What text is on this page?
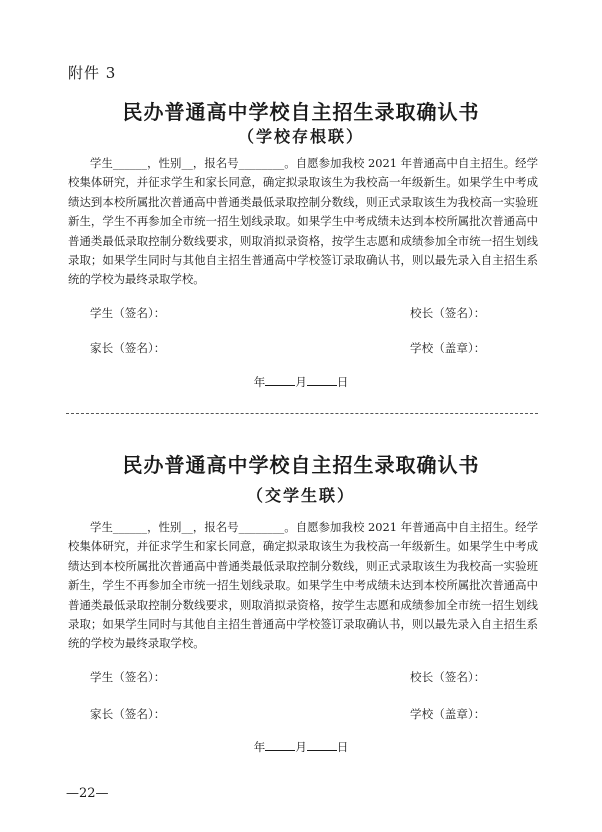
附件 3
民办普通高中学校自主招生录取确认书
（学校存根联）

学生______，性别__，报名号________。自愿参加我校 2021 年普通高中自主招生。经学校集体研究，并征求学生和家长同意，确定拟录取该生为我校高一年级新生。如果学生中考成绩达到本校所属批次普通高中普通类最低录取控制分数线，则正式录取该生为我校高一实验班新生，学生不再参加全市统一招生划线录取。如果学生中考成绩未达到本校所属批次普通高中普通类最低录取控制分数线要求，则取消拟录资格，按学生志愿和成绩参加全市统一招生划线录取；如果学生同时与其他自主招生普通高中学校签订录取确认书，则以最先录入自主招生系统的学校为最终录取学校。

学生（签名）：	校长（签名）：
家长（签名）：	学校（盖章）：
年	月	日
民办普通高中学校自主招生录取确认书
（交学生联）

学生______，性别__，报名号________。自愿参加我校 2021 年普通高中自主招生。经学校集体研究，并征求学生和家长同意，确定拟录取该生为我校高一年级新生。如果学生中考成绩达到本校所属批次普通高中普通类最低录取控制分数线，则正式录取该生为我校高一实验班新生，学生不再参加全市统一招生划线录取。如果学生中考成绩未达到本校所属批次普通高中普通类最低录取控制分数线要求，则取消拟录资格，按学生志愿和成绩参加全市统一招生划线录取；如果学生同时与其他自主招生普通高中学校签订录取确认书，则以最先录入自主招生系统的学校为最终录取学校。

学生（签名）：	校长（签名）：
家长（签名）：	学校（盖章）：
年	月	日
—22—
